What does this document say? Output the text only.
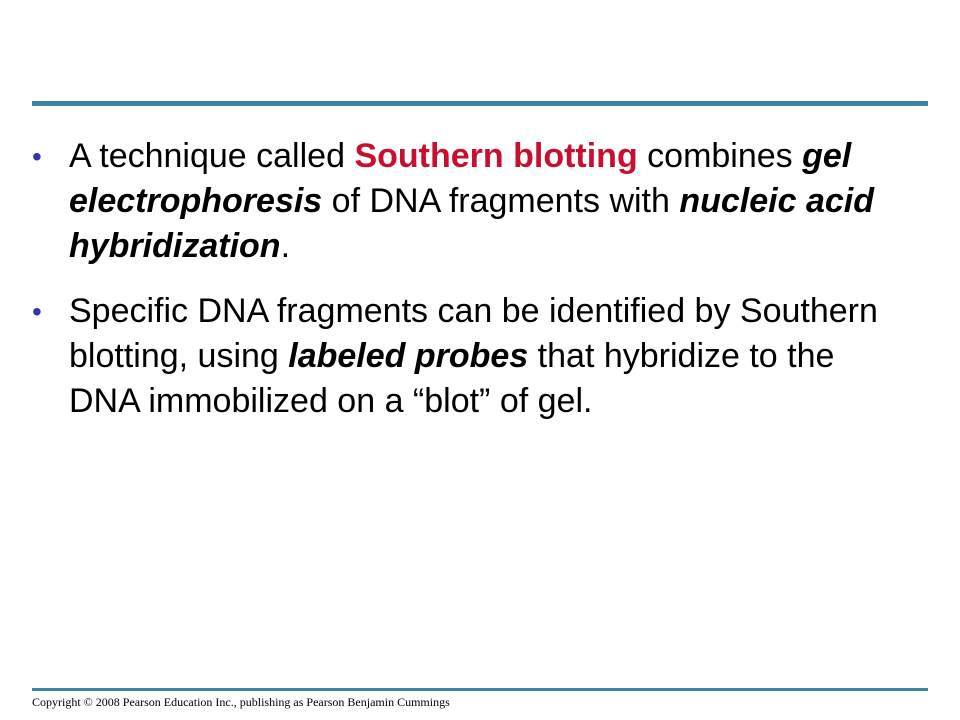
• A technique called Southern blotting combines gel electrophoresis of DNA fragments with nucleic acid hybridization.
• Specific DNA fragments can be identified by Southern blotting, using labeled probes that hybridize to the DNA immobilized on a “blot” of gel.
Copyright © 2008 Pearson Education Inc., publishing as Pearson Benjamin Cummings
